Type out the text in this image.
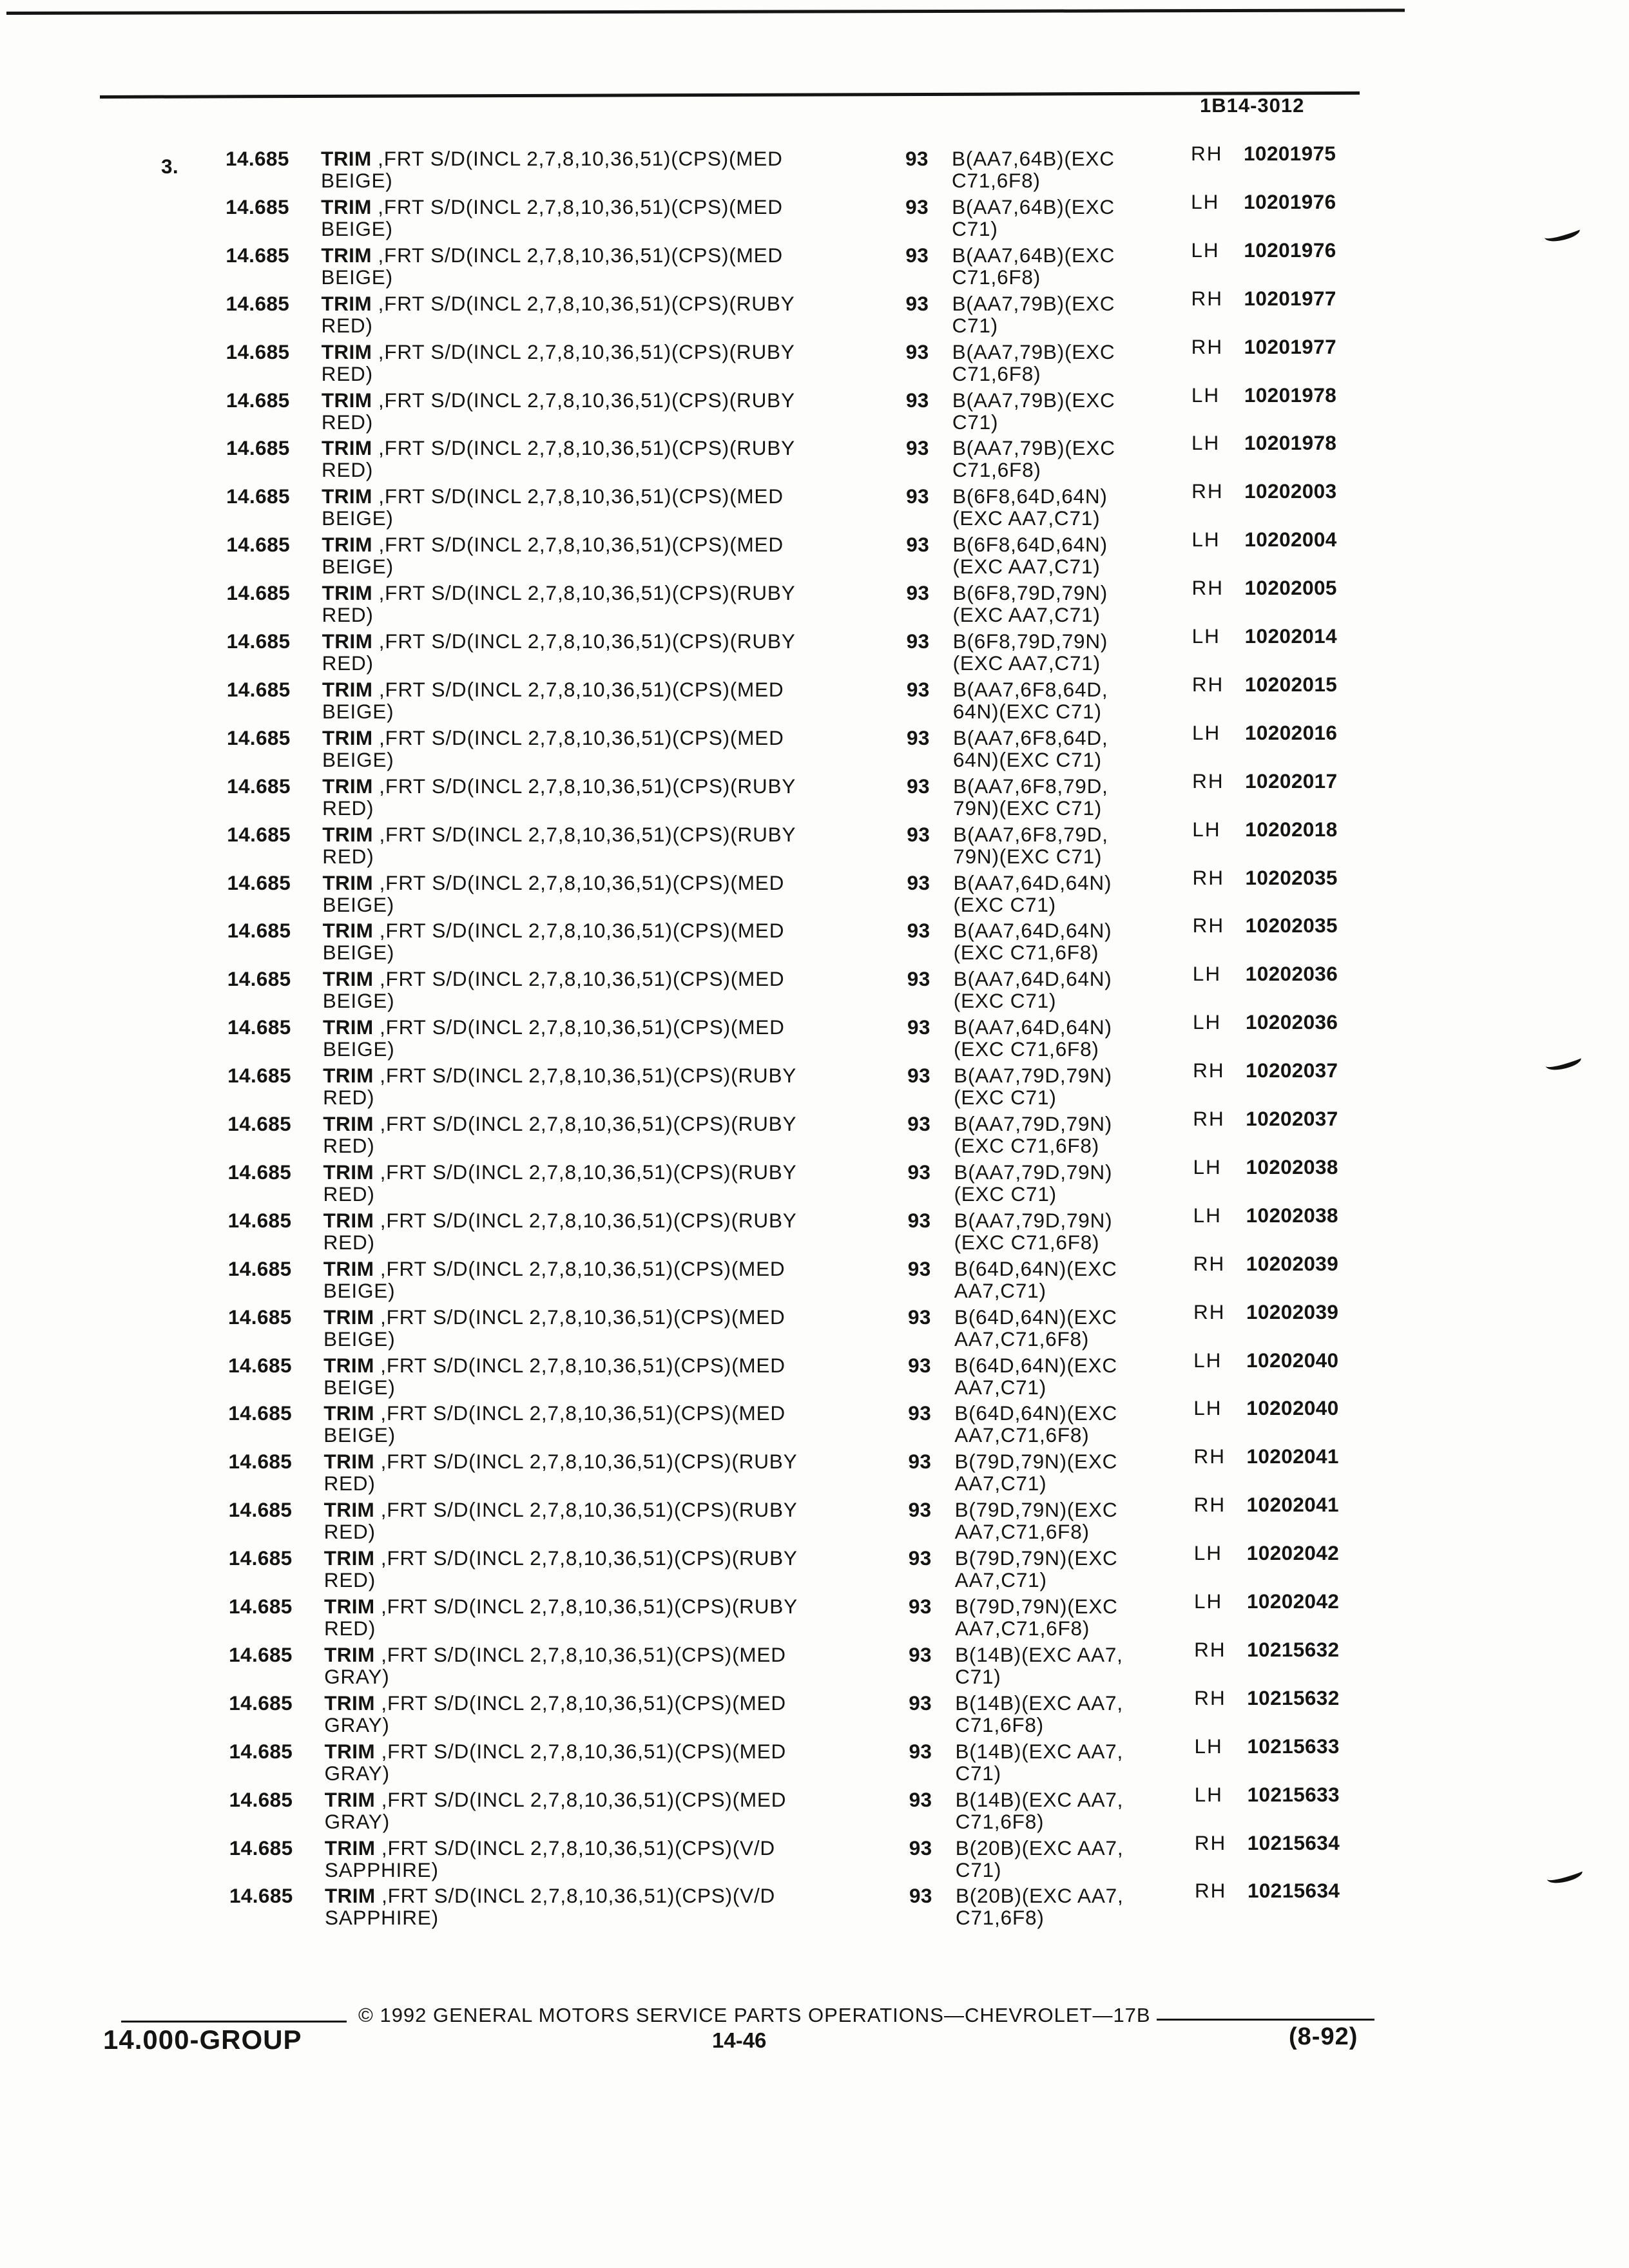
1B14-3012
3. 14.685 TRIM ,FRT S/D(INCL 2,7,8,10,36,51)(CPS)(MED
BEIGE)
93 B(AA7,64B)(EXC
C71,6F8)
RH 10201975
14.685 TRIM ,FRT S/D(INCL 2,7,8,10,36,51)(CPS)(MED
BEIGE)
93 B(AA7,64B)(EXC
C71)
LH 10201976
14.685 TRIM ,FRT S/D(INCL 2,7,8,10,36,51)(CPS)(MED
BEIGE)
93 B(AA7,64B)(EXC
C71,6F8)
LH 10201976
14.685 TRIM ,FRT S/D(INCL 2,7,8,10,36,51)(CPS)(RUBY
RED)
93 B(AA7,79B)(EXC
C71)
RH 10201977
14.685 TRIM ,FRT S/D(INCL 2,7,8,10,36,51)(CPS)(RUBY
RED)
93 B(AA7,79B)(EXC
C71,6F8)
RH 10201977
14.685 TRIM ,FRT S/D(INCL 2,7,8,10,36,51)(CPS)(RUBY
RED)
93 B(AA7,79B)(EXC
C71)
LH 10201978
14.685 TRIM ,FRT S/D(INCL 2,7,8,10,36,51)(CPS)(RUBY
RED)
93 B(AA7,79B)(EXC
C71,6F8)
LH 10201978
14.685 TRIM ,FRT S/D(INCL 2,7,8,10,36,51)(CPS)(MED
BEIGE)
93 B(6F8,64D,64N)
(EXC AA7,C71)
RH 10202003
14.685 TRIM ,FRT S/D(INCL 2,7,8,10,36,51)(CPS)(MED
BEIGE)
93 B(6F8,64D,64N)
(EXC AA7,C71)
LH 10202004
14.685 TRIM ,FRT S/D(INCL 2,7,8,10,36,51)(CPS)(RUBY
RED)
93 B(6F8,79D,79N)
(EXC AA7,C71)
RH 10202005
14.685 TRIM ,FRT S/D(INCL 2,7,8,10,36,51)(CPS)(RUBY
RED)
93 B(6F8,79D,79N)
(EXC AA7,C71)
LH 10202014
14.685 TRIM ,FRT S/D(INCL 2,7,8,10,36,51)(CPS)(MED
BEIGE)
93 B(AA7,6F8,64D,
64N)(EXC C71)
RH 10202015
14.685 TRIM ,FRT S/D(INCL 2,7,8,10,36,51)(CPS)(MED
BEIGE)
93 B(AA7,6F8,64D,
64N)(EXC C71)
LH 10202016
14.685 TRIM ,FRT S/D(INCL 2,7,8,10,36,51)(CPS)(RUBY
RED)
93 B(AA7,6F8,79D,
79N)(EXC C71)
RH 10202017
14.685 TRIM ,FRT S/D(INCL 2,7,8,10,36,51)(CPS)(RUBY
RED)
93 B(AA7,6F8,79D,
79N)(EXC C71)
LH 10202018
14.685 TRIM ,FRT S/D(INCL 2,7,8,10,36,51)(CPS)(MED
BEIGE)
93 B(AA7,64D,64N)
(EXC C71)
RH 10202035
14.685 TRIM ,FRT S/D(INCL 2,7,8,10,36,51)(CPS)(MED
BEIGE)
93 B(AA7,64D,64N)
(EXC C71,6F8)
RH 10202035
14.685 TRIM ,FRT S/D(INCL 2,7,8,10,36,51)(CPS)(MED
BEIGE)
93 B(AA7,64D,64N)
(EXC C71)
LH 10202036
14.685 TRIM ,FRT S/D(INCL 2,7,8,10,36,51)(CPS)(MED
BEIGE)
93 B(AA7,64D,64N)
(EXC C71,6F8)
LH 10202036
14.685 TRIM ,FRT S/D(INCL 2,7,8,10,36,51)(CPS)(RUBY
RED)
93 B(AA7,79D,79N)
(EXC C71)
RH 10202037
14.685 TRIM ,FRT S/D(INCL 2,7,8,10,36,51)(CPS)(RUBY
RED)
93 B(AA7,79D,79N)
(EXC C71,6F8)
RH 10202037
14.685 TRIM ,FRT S/D(INCL 2,7,8,10,36,51)(CPS)(RUBY
RED)
93 B(AA7,79D,79N)
(EXC C71)
LH 10202038
14.685 TRIM ,FRT S/D(INCL 2,7,8,10,36,51)(CPS)(RUBY
RED)
93 B(AA7,79D,79N)
(EXC C71,6F8)
LH 10202038
14.685 TRIM ,FRT S/D(INCL 2,7,8,10,36,51)(CPS)(MED
BEIGE)
93 B(64D,64N)(EXC
AA7,C71)
RH 10202039
14.685 TRIM ,FRT S/D(INCL 2,7,8,10,36,51)(CPS)(MED
BEIGE)
93 B(64D,64N)(EXC
AA7,C71,6F8)
RH 10202039
14.685 TRIM ,FRT S/D(INCL 2,7,8,10,36,51)(CPS)(MED
BEIGE)
93 B(64D,64N)(EXC
AA7,C71)
LH 10202040
14.685 TRIM ,FRT S/D(INCL 2,7,8,10,36,51)(CPS)(MED
BEIGE)
93 B(64D,64N)(EXC
AA7,C71,6F8)
LH 10202040
14.685 TRIM ,FRT S/D(INCL 2,7,8,10,36,51)(CPS)(RUBY
RED)
93 B(79D,79N)(EXC
AA7,C71)
RH 10202041
14.685 TRIM ,FRT S/D(INCL 2,7,8,10,36,51)(CPS)(RUBY
RED)
93 B(79D,79N)(EXC
AA7,C71,6F8)
RH 10202041
14.685 TRIM ,FRT S/D(INCL 2,7,8,10,36,51)(CPS)(RUBY
RED)
93 B(79D,79N)(EXC
AA7,C71)
LH 10202042
14.685 TRIM ,FRT S/D(INCL 2,7,8,10,36,51)(CPS)(RUBY
RED)
93 B(79D,79N)(EXC
AA7,C71,6F8)
LH 10202042
14.685 TRIM ,FRT S/D(INCL 2,7,8,10,36,51)(CPS)(MED
GRAY)
93 B(14B)(EXC AA7,
C71)
RH 10215632
14.685 TRIM ,FRT S/D(INCL 2,7,8,10,36,51)(CPS)(MED
GRAY)
93 B(14B)(EXC AA7,
C71,6F8)
RH 10215632
14.685 TRIM ,FRT S/D(INCL 2,7,8,10,36,51)(CPS)(MED
GRAY)
93 B(14B)(EXC AA7,
C71)
LH 10215633
14.685 TRIM ,FRT S/D(INCL 2,7,8,10,36,51)(CPS)(MED
GRAY)
93 B(14B)(EXC AA7,
C71,6F8)
LH 10215633
14.685 TRIM ,FRT S/D(INCL 2,7,8,10,36,51)(CPS)(V/D
SAPPHIRE)
93 B(20B)(EXC AA7,
C71)
RH 10215634
14.685 TRIM ,FRT S/D(INCL 2,7,8,10,36,51)(CPS)(V/D
SAPPHIRE)
93 B(20B)(EXC AA7,
C71,6F8)
RH 10215634
© 1992 GENERAL MOTORS SERVICE PARTS OPERATIONS—CHEVROLET—17B
14.000-GROUP	14-46	(8-92)
